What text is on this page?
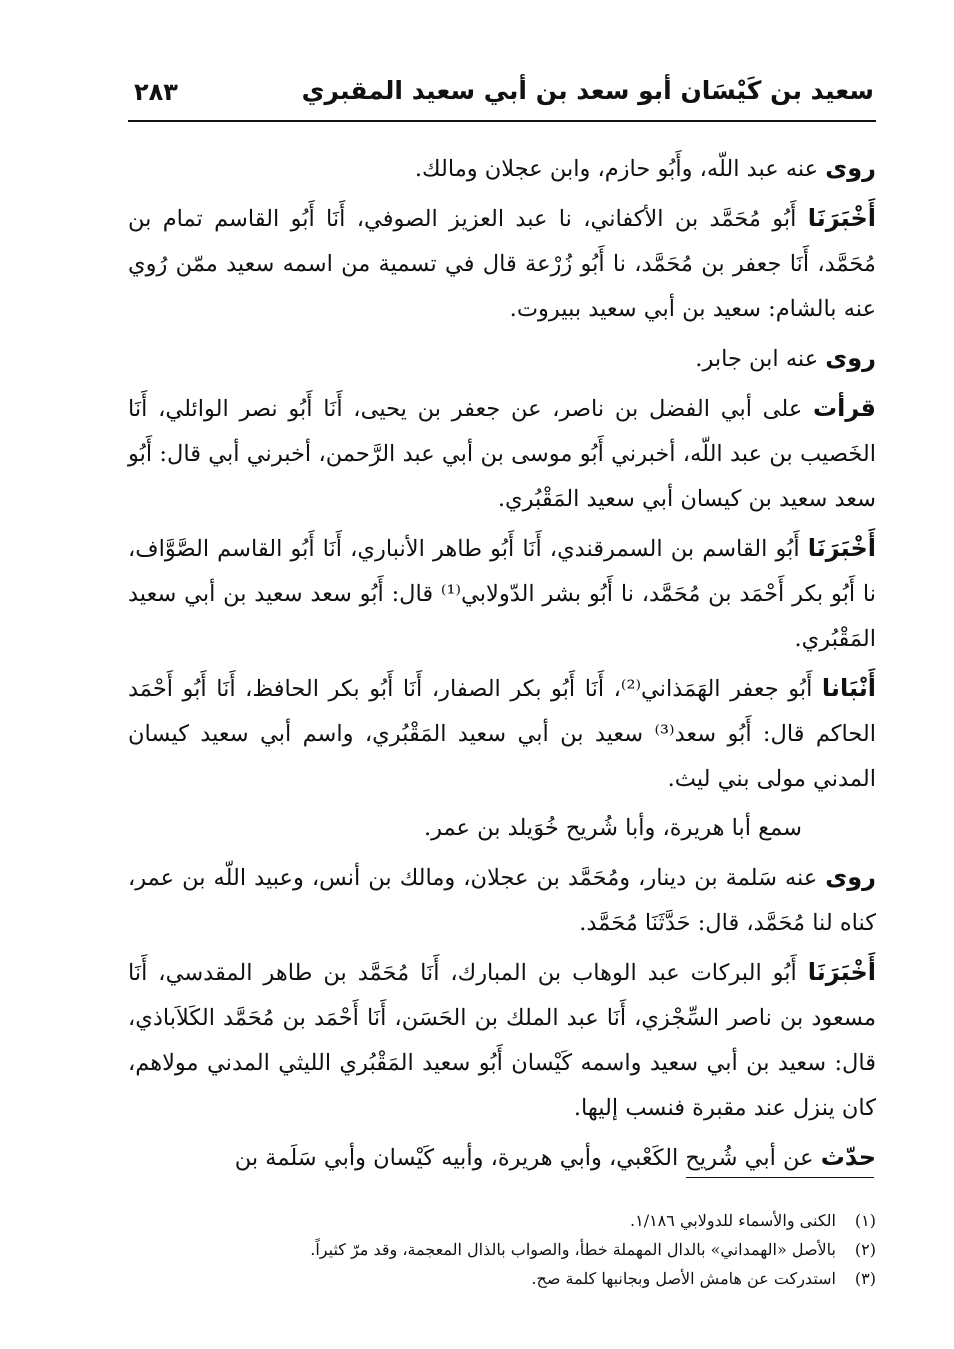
٢٨٣	سعيد بن كَيْسَان أبو سعد بن أبي سعيد المقبري

روى عنه عبد اللّه، وأَبُو حازم، وابن عجلان ومالك.

أَخْبَرَنَا أَبُو مُحَمَّد بن الأكفاني، نا عبد العزيز الصوفي، أَنَا أَبُو القاسم تمام بن مُحَمَّد، أَنَا جعفر بن مُحَمَّد، نا أَبُو زُرْعة قال في تسمية من اسمه سعيد ممّن رُوي عنه بالشام: سعيد بن أبي سعيد ببيروت.

روى عنه ابن جابر.

قرأت على أبي الفضل بن ناصر، عن جعفر بن يحيى، أَنَا أَبُو نصر الوائلي، أَنَا الخَصيب بن عبد اللّه، أخبرني أَبُو موسى بن أبي عبد الرَّحمن، أخبرني أبي قال: أَبُو سعد سعيد بن كيسان أبي سعيد المَقْبُري.

أَخْبَرَنَا أَبُو القاسم بن السمرقندي، أَنَا أَبُو طاهر الأنباري، أَنَا أَبُو القاسم الصَّوَّاف، نا أَبُو بكر أَحْمَد بن مُحَمَّد، نا أَبُو بشر الدّولابي⁽¹⁾ قال: أَبُو سعد سعيد بن أبي سعيد المَقْبُري.

أَنْبَانا أَبُو جعفر الهَمَذاني⁽²⁾، أَنَا أَبُو بكر الصفار، أَنَا أَبُو بكر الحافظ، أَنَا أَبُو أَحْمَد الحاكم قال: أَبُو سعد⁽³⁾ سعيد بن أبي سعيد المَقْبُري، واسم أبي سعيد كيسان المدني مولى بني ليث.

سمع أبا هريرة، وأبا شُريح خُوَيلد بن عمر.

روى عنه سَلمة بن دينار، ومُحَمَّد بن عجلان، ومالك بن أنس، وعبيد اللّه بن عمر، كناه لنا مُحَمَّد، قال: حَدَّثَنَا مُحَمَّد.

أَخْبَرَنَا أَبُو البركات عبد الوهاب بن المبارك، أَنَا مُحَمَّد بن طاهر المقدسي، أَنَا مسعود بن ناصر السِّجْزي، أَنَا عبد الملك بن الحَسَن، أَنَا أَحْمَد بن مُحَمَّد الكَلاَباذي، قال: سعيد بن أبي سعيد واسمه كَيْسان أَبُو سعيد المَقْبُري الليثي المدني مولاهم، كان ينزل عند مقبرة فنسب إليها.

حدّث عن أبي شُريح الكَعْبي، وأبي هريرة، وأبيه كَيْسان وأبي سَلَمة بن

(١)الكنى والأسماء للدولابي ١/١٨٦.
(٢)بالأصل «الهمداني» بالدال المهملة خطأ، والصواب بالذال المعجمة، وقد مرّ كثيراً.
(٣)استدركت عن هامش الأصل وبجانبها كلمة صح.
